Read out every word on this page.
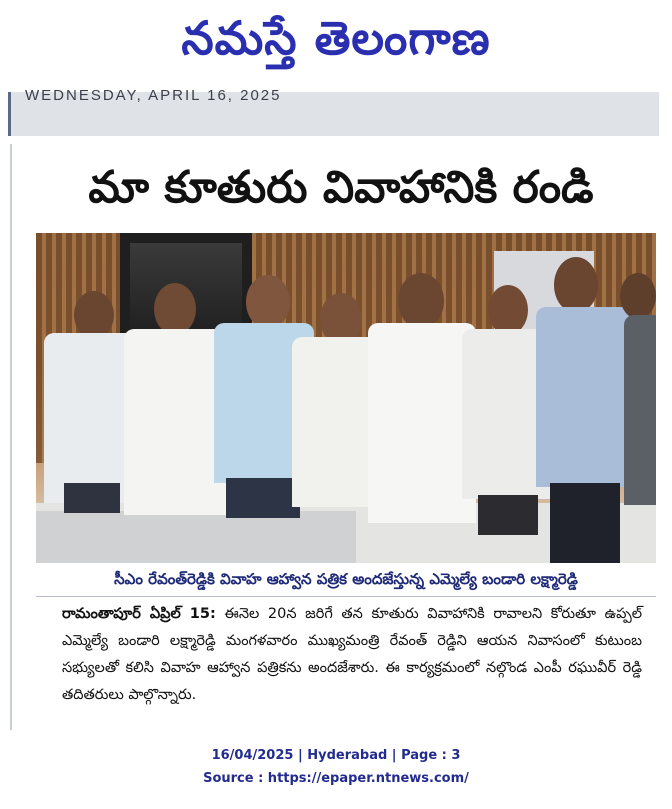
నమస్తే తెలంగాణ
WEDNESDAY, APRIL 16, 2025
మా కూతురు వివాహానికి రండి
సీఎం రేవంత్‌రెడ్డికి వివాహ ఆహ్వాన పత్రిక అందజేస్తున్న ఎమ్మెల్యే బండారి లక్ష్మారెడ్డి
రామంతాపూర్ ఏప్రిల్ 15: ఈనెల 20న జరిగే తన కూతురు వివాహానికి రావాలని కోరుతూ ఉప్పల్ ఎమ్మెల్యే బండారి లక్ష్మారెడ్డి మంగళవారం ముఖ్యమంత్రి రేవంత్ రెడ్డిని ఆయన నివాసంలో కుటుంబ సభ్యులతో కలిసి వివాహ ఆహ్వాన పత్రికను అందజేశారు. ఈ కార్యక్రమంలో నల్గొండ ఎంపీ రఘువీర్ రెడ్డి తదితరులు పాల్గొన్నారు.
16/04/2025 | Hyderabad | Page : 3
Source : https://epaper.ntnews.com/
